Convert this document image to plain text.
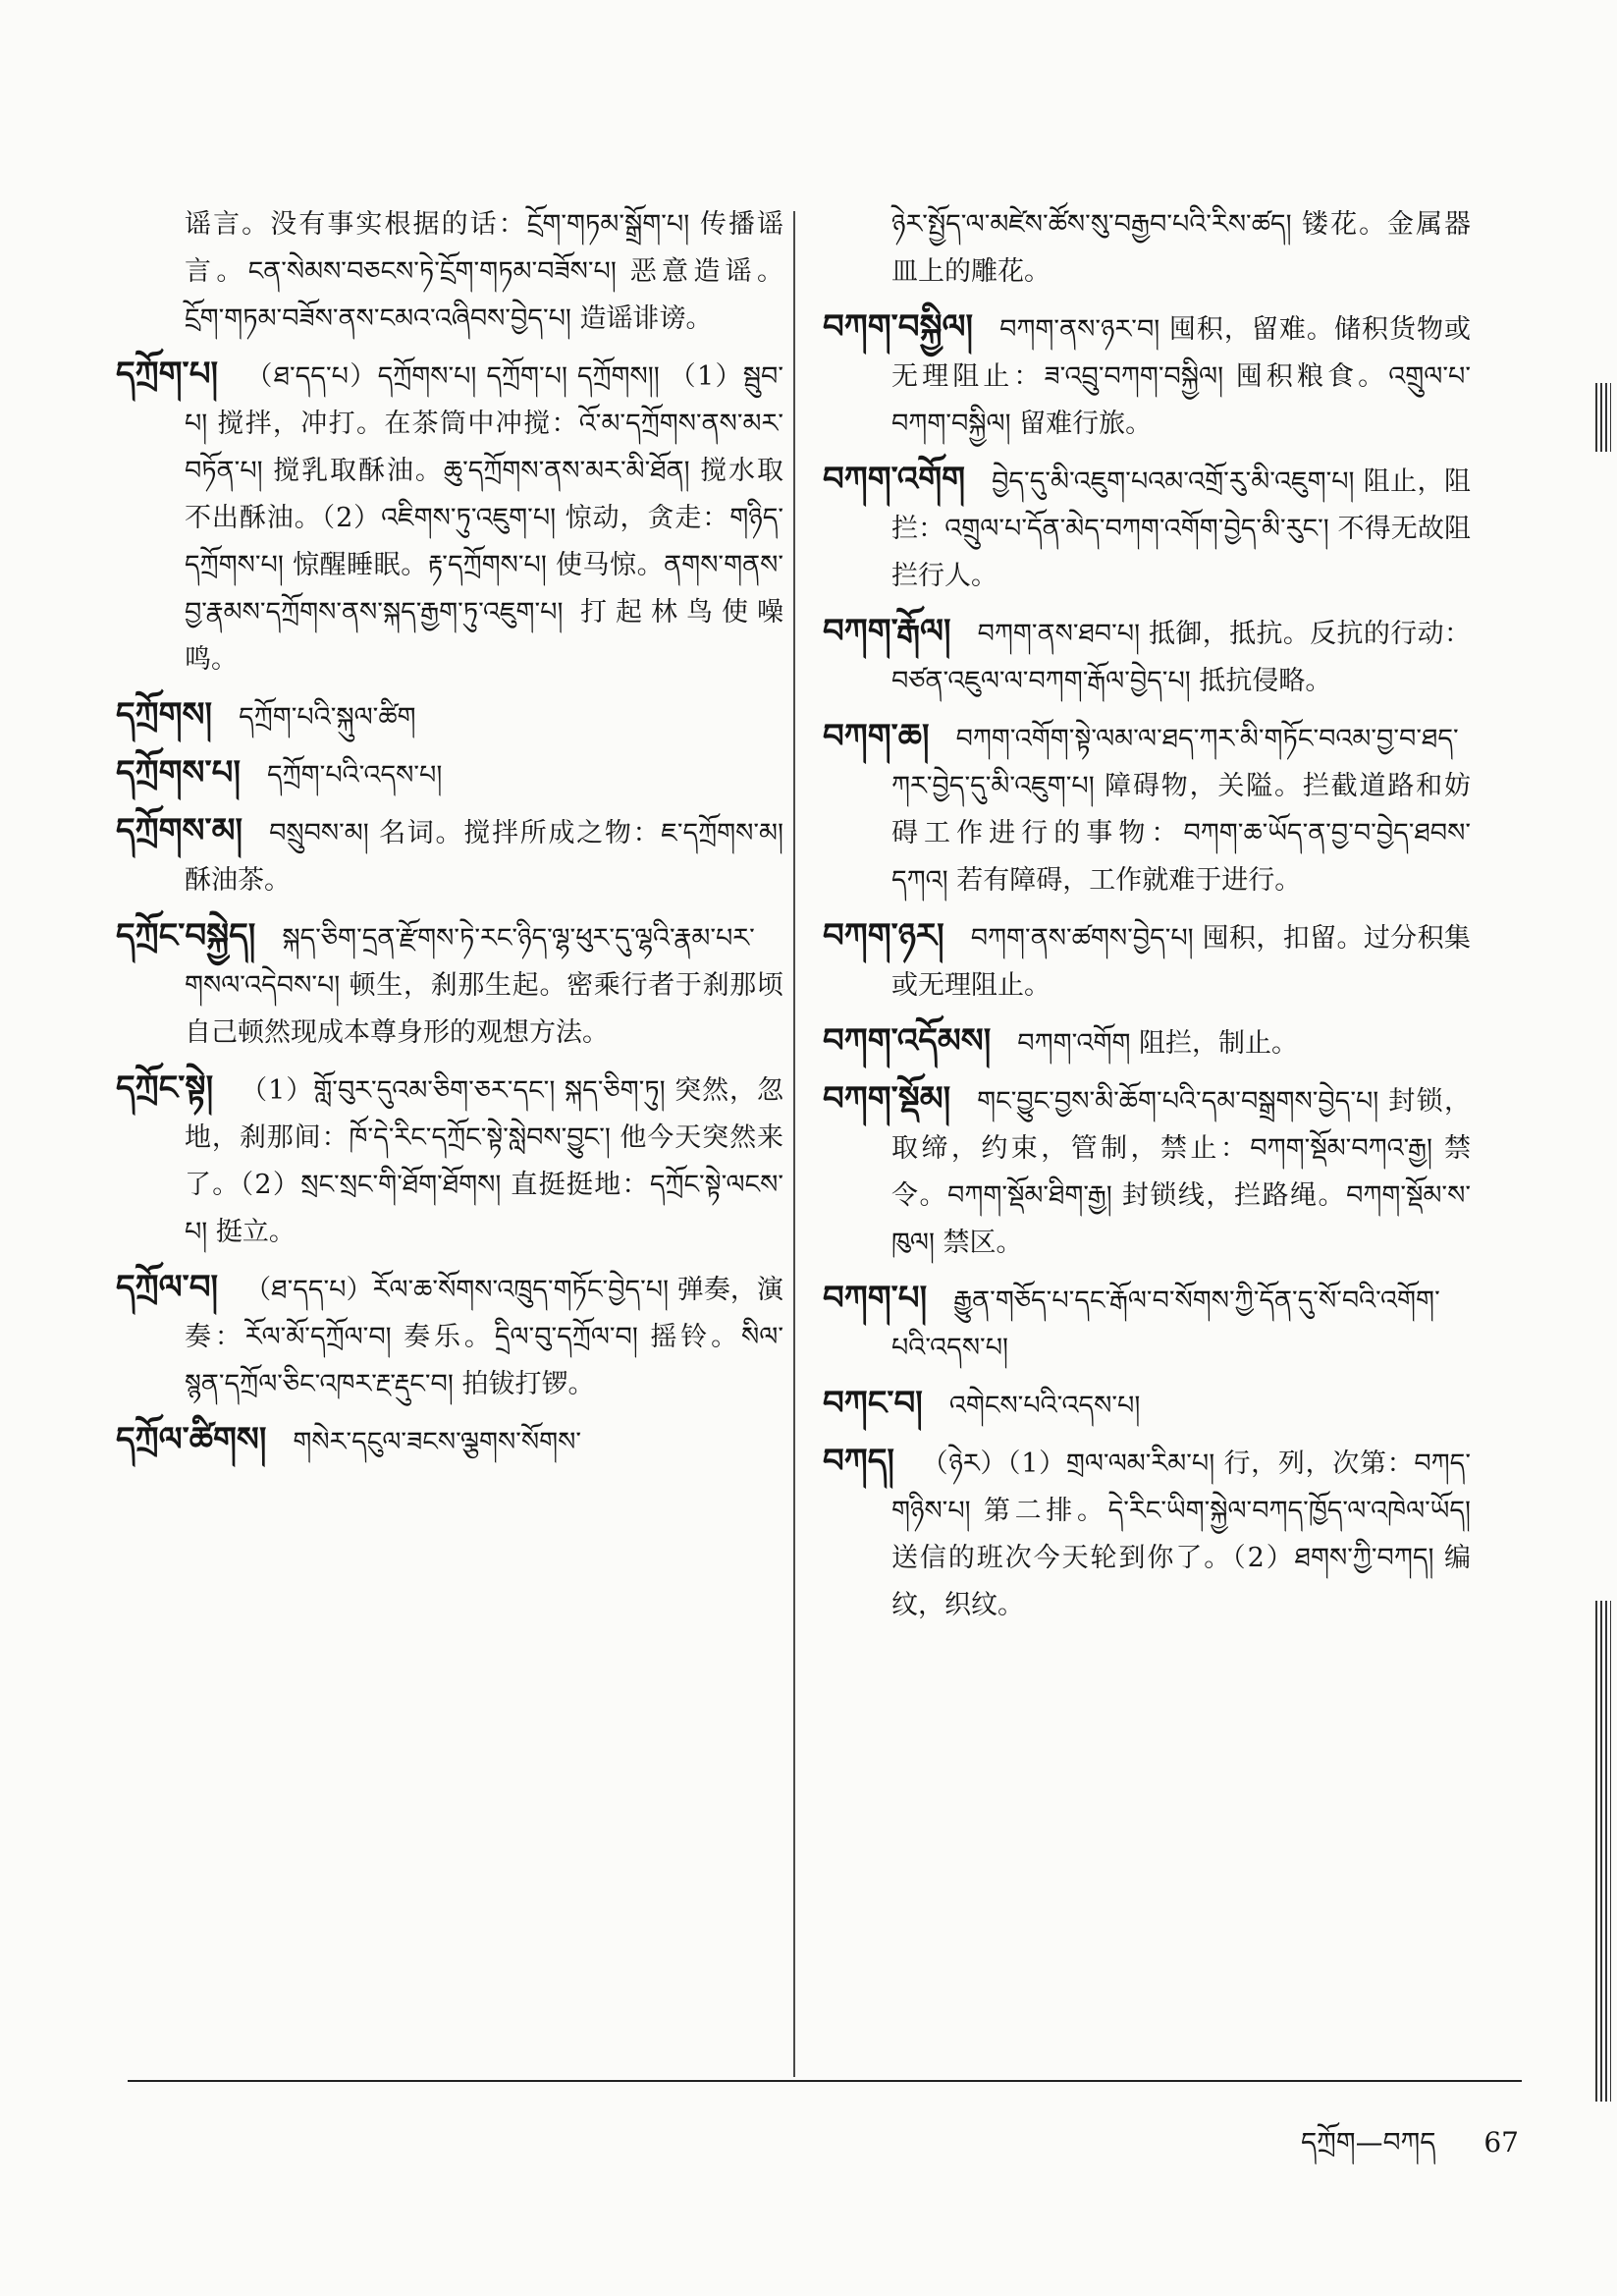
谣言。没有事实根据的话：ངྲོག་གཏམ་སྒྲོག་པ། 传播谣言。ངན་སེམས་བཅངས་ཏེ་ངྲོག་གཏམ་བཟོས་པ། 恶意造谣。ངྲོག་གཏམ་བཟོས་ནས་ངམའ་འཞིབས་བྱེད་པ། 造谣诽谤。

དཀྲོག་པ།  （ཐ་དད་པ）དཀྲོགས་པ། དཀྲོག་པ། དཀྲོགས།། （1）སྦུབ་པ། 搅拌，冲打。在茶筒中冲搅：འོ་མ་དཀྲོགས་ནས་མར་བཏོན་པ། 搅乳取酥油。ཆུ་དཀྲོགས་ནས་མར་མི་ཐོན། 搅水取不出酥油。（2）འཇིགས་ཏུ་འཇུག་པ། 惊动，贪走：གཉིད་དཀྲོགས་པ། 惊醒睡眠。རྟ་དཀྲོགས་པ། 使马惊。ནགས་གནས་བྱ་རྣམས་དཀྲོགས་ནས་སྐད་རྒྱག་ཏུ་འཇུག་པ། 打起林鸟使噪鸣。

དཀྲོགས།  དཀྲོག་པའི་སྐུལ་ཚིག

དཀྲོགས་པ།  དཀྲོག་པའི་འདས་པ།

དཀྲོགས་མ།  བསྲུབས་མ། 名词。搅拌所成之物：ཇ་དཀྲོགས་མ། 酥油茶。

དཀྲོང་བསྐྱེད།  སྐད་ཅིག་དྲན་རྫོགས་ཏེ་རང་ཉིད་ལྷ་ཕུར་དུ་ལྷའི་རྣམ་པར་གསལ་འདེབས་པ། 顿生，刹那生起。密乘行者于刹那顷自己顿然现成本尊身形的观想方法。

དཀྲོང་སྟེ།  （1）གློ་བུར་དུའམ་ཅིག་ཅར་དང་། སྐད་ཅིག་ཏུ། 突然，忽地，刹那间：ཁོ་དེ་རིང་དཀྲོང་སྟེ་སླེབས་བྱུང་། 他今天突然来了。（2）སྲང་སྲང་གི་ཐོག་ཐོགས། 直挺挺地：དཀྲོང་སྟེ་ལངས་པ། 挺立。

དཀྲོལ་བ།  （ཐ་དད་པ）རོལ་ཆ་སོགས་འཁྲུད་གཏོང་བྱེད་པ། 弹奏，演奏：རོལ་མོ་དཀྲོལ་བ། 奏乐。དྲིལ་བུ་དཀྲོལ་བ། 摇铃。སིལ་སྙན་དཀྲོལ་ཅིང་འཁར་རྔ་རྡུང་བ། 拍钹打锣。

དཀྲོལ་ཚིགས།  གསེར་དངུལ་ཟངས་ལྕགས་སོགས་

ཉེར་སྤྱོད་ལ་མཛེས་ཚོས་སུ་བརྒྱབ་པའི་རིས་ཚད། 镂花。金属器皿上的雕花。

བཀག་བསྐྱིལ།  བཀག་ནས་ཉར་བ། 囤积，留难。储积货物或无理阻止：ཟ་འབྲུ་བཀག་བསྐྱིལ། 囤积粮食。འགྲུལ་པ་བཀག་བསྐྱིལ། 留难行旅。

བཀག་འགོག  བྱེད་དུ་མི་འཇུག་པའམ་འགྲོ་རུ་མི་འཇུག་པ། 阻止，阻拦：འགྲུལ་པ་དོན་མེད་བཀག་འགོག་བྱེད་མི་རུང་། 不得无故阻拦行人。

བཀག་རྒོལ།  བཀག་ནས་ཐབ་པ། 抵御，抵抗。反抗的行动：བཙན་འཇུལ་ལ་བཀག་རྒོལ་བྱེད་པ། 抵抗侵略。

བཀག་ཆ།  བཀག་འགོག་སྟེ་ལམ་ལ་ཐད་ཀར་མི་གཏོང་བའམ་བྱ་བ་ཐད་ཀར་བྱེད་དུ་མི་འཇུག་པ། 障碍物，关隘。拦截道路和妨碍工作进行的事物：བཀག་ཆ་ཡོད་ན་བྱ་བ་བྱེད་ཐབས་དཀའ། 若有障碍，工作就难于进行。

བཀག་ཉར།  བཀག་ནས་ཚགས་བྱེད་པ། 囤积，扣留。过分积集或无理阻止。

བཀག་འདོམས།  བཀག་འགོག 阻拦，制止。

བཀག་སྡོམ།  གང་བྱུང་བྱས་མི་ཆོག་པའི་དམ་བསྒྲགས་བྱེད་པ། 封锁，取缔，约束，管制，禁止：བཀག་སྡོམ་བཀའ་རྒྱ། 禁令。བཀག་སྡོམ་ཐིག་རྒྱ། 封锁线，拦路绳。བཀག་སྡོམ་ས་ཁུལ། 禁区。

བཀག་པ།  རྒྱུན་གཅོད་པ་དང་རྒོལ་བ་སོགས་ཀྱི་དོན་དུ་སོ་བའི་འགོག་པའི་འདས་པ།

བཀང་བ།  འགེངས་པའི་འདས་པ།

བཀད།  （ཉེར）（1）གྲལ་ལམ་རིམ་པ། 行，列，次第：བཀད་གཉིས་པ། 第二排。དེ་རིང་ཡིག་སྐྱེལ་བཀད་ཁྱོད་ལ་འཁེལ་ཡོད། 送信的班次今天轮到你了。（2）ཐགས་ཀྱི་བཀད། 编纹，织纹。

དཀྲོག—བཀད 67
